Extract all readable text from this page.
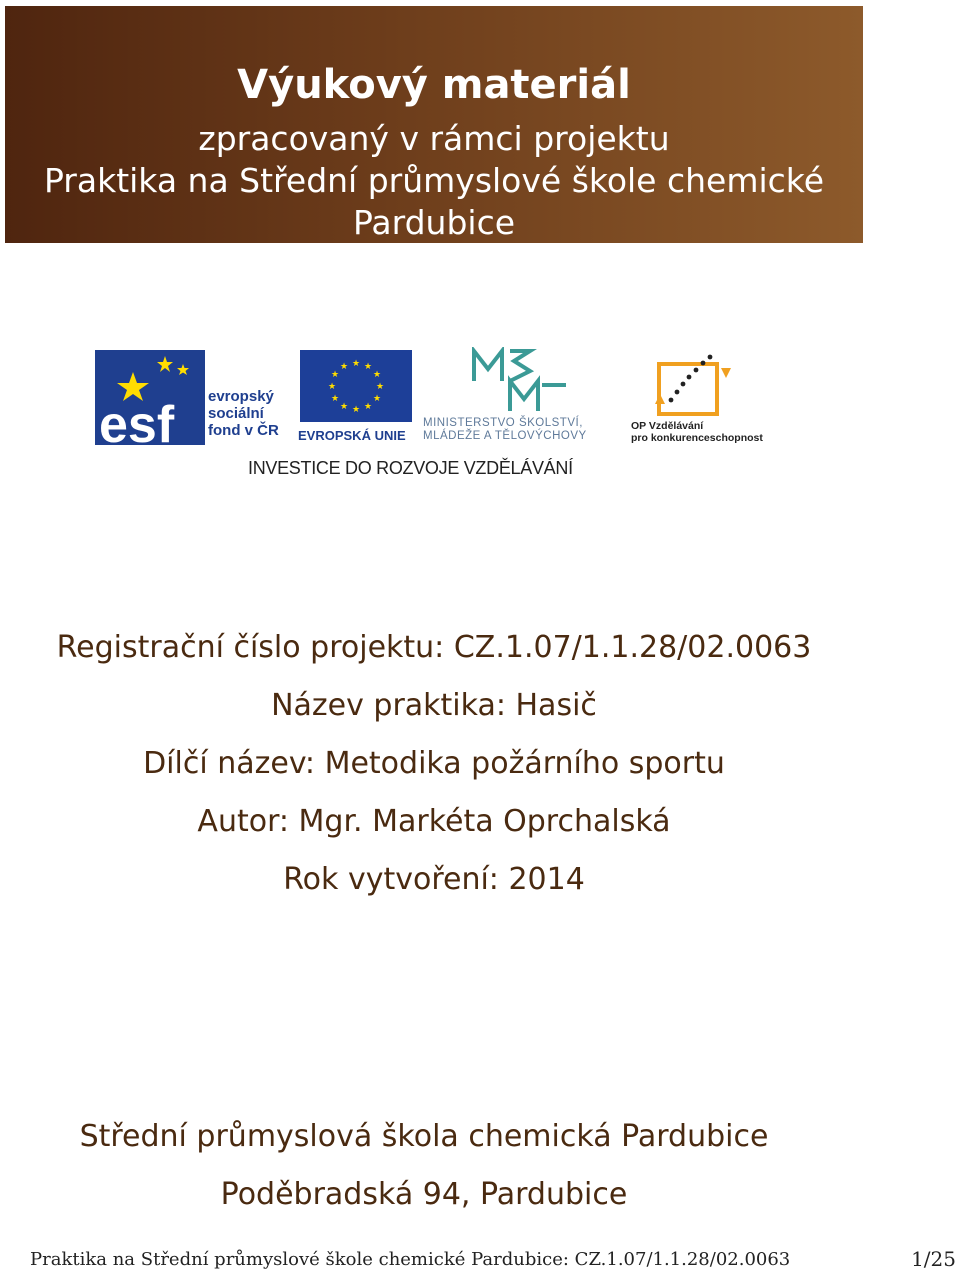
Výukový materiál
zpracovaný v rámci projektu
Praktika na Střední průmyslové škole chemické
Pardubice
esf evropský
sociální
fond v ČR
★ ★
★
★
★
★
★
★
★
★
★
★
EVROPSKÁ UNIE
MINISTERSTVO ŠKOLSTVÍ,
MLÁDEŽE A TĚLOVÝCHOVY
OP Vzdělávání
pro konkurenceschopnost
INVESTICE DO ROZVOJE VZDĚLÁVÁNÍ
Registrační číslo projektu: CZ.1.07/1.1.28/02.0063
Název praktika: Hasič
Dílčí název: Metodika požárního sportu
Autor: Mgr. Markéta Oprchalská
Rok vytvoření: 2014
Střední průmyslová škola chemická Pardubice
Poděbradská 94, Pardubice
Praktika na Střední průmyslové škole chemické Pardubice: CZ.1.07/1.1.28/02.0063	1/25
